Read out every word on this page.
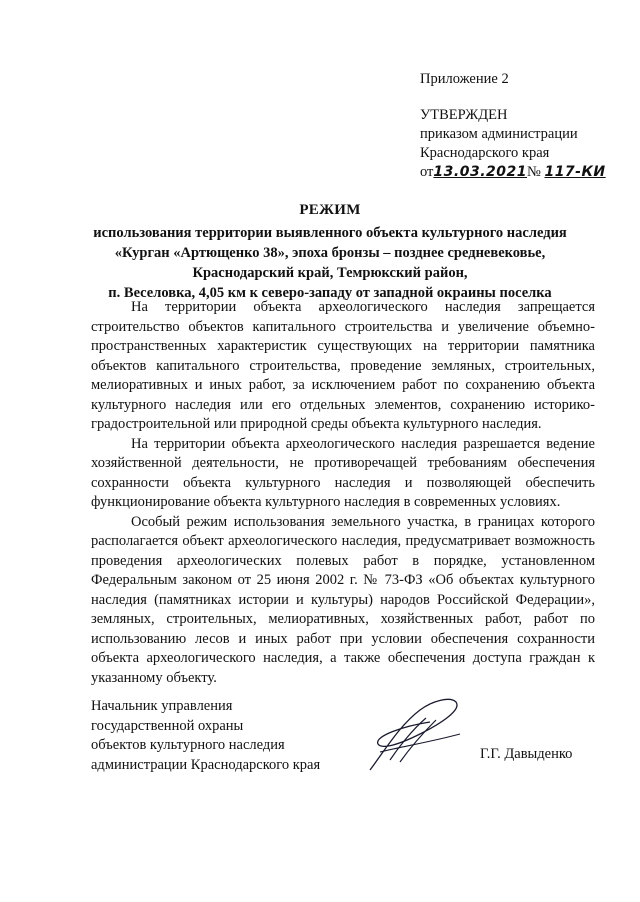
Приложение 2
УТВЕРЖДЕН
приказом администрации
Краснодарского края
от13.03.2021№ 117-КИ
РЕЖИМ
использования территории выявленного объекта культурного наследия
«Курган «Артющенко 38», эпоха бронзы – позднее средневековье,
Краснодарский край, Темрюкский район,
п. Веселовка, 4,05 км к северо-западу от западной окраины поселка

На территории объекта археологического наследия запрещается строительство объектов капитального строительства и увеличение объемно-пространственных характеристик существующих на территории памятника объектов капитального строительства, проведение земляных, строительных, мелиоративных и иных работ, за исключением работ по сохранению объекта культурного наследия или его отдельных элементов, сохранению историко-градостроительной или природной среды объекта культурного наследия.

На территории объекта археологического наследия разрешается ведение хозяйственной деятельности, не противоречащей требованиям обеспечения сохранности объекта культурного наследия и позволяющей обеспечить функционирование объекта культурного наследия в современных условиях.

Особый режим использования земельного участка, в границах которого располагается объект археологического наследия, предусматривает возможность проведения археологических полевых работ в порядке, установленном Федеральным законом от 25 июня 2002 г. № 73-ФЗ «Об объектах культурного наследия (памятниках истории и культуры) народов Российской Федерации», земляных, строительных, мелиоративных, хозяйственных работ, работ по использованию лесов и иных работ при условии обеспечения сохранности объекта археологического наследия, а также обеспечения доступа граждан к указанному объекту.

Начальник управления
государственной охраны
объектов культурного наследия
администрации Краснодарского края
Г.Г. Давыденко
